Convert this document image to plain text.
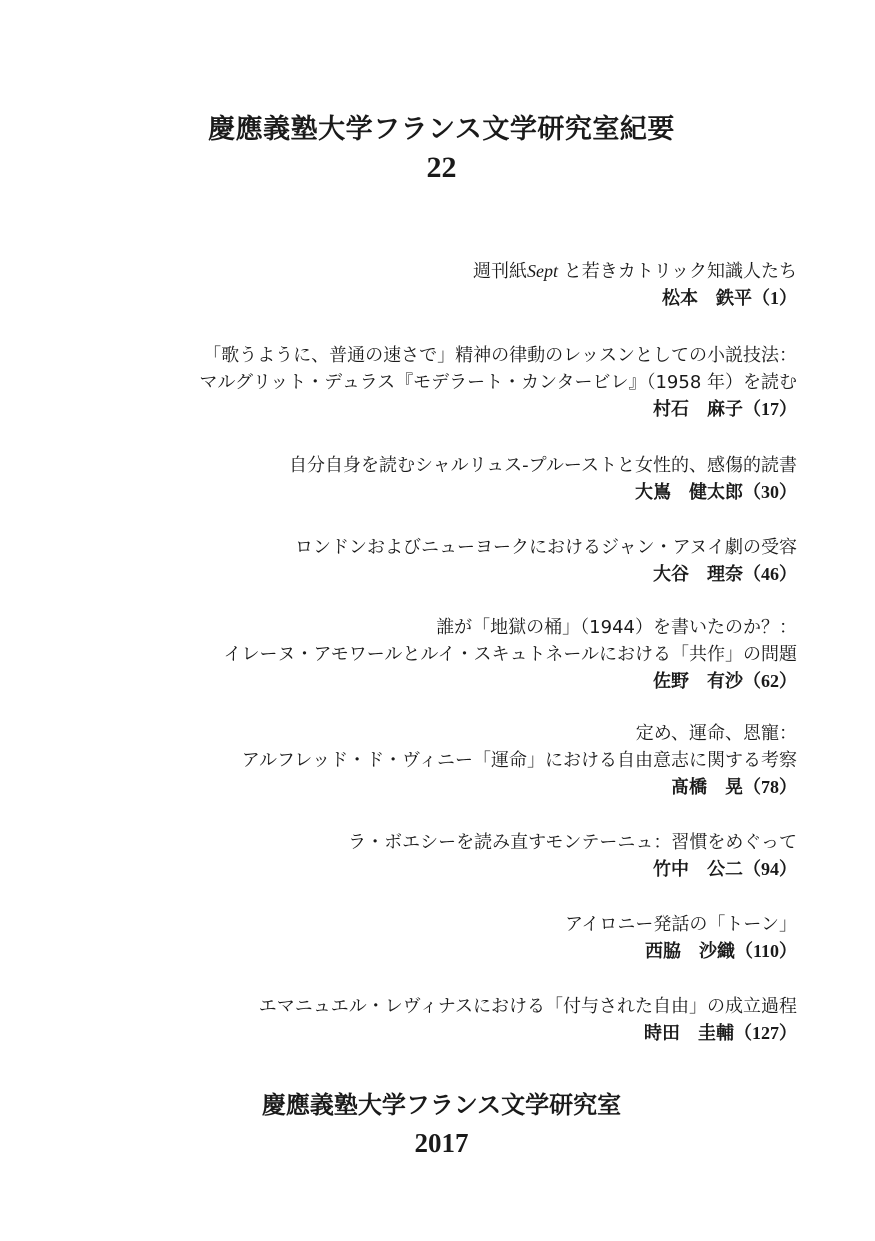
慶應義塾大学フランス文学研究室紀要
22
週刊紙Sept と若きカトリック知識人たち
松本　鉄平（1）
「歌うように、普通の速さで」精神の律動のレッスンとしての小説技法：
マルグリット・デュラス『モデラート・カンタービレ』（1958 年）を読む
村石　麻子（17）
自分自身を読むシャルリュス‐プルーストと女性的、感傷的読書
大嶌　健太郎（30）
ロンドンおよびニューヨークにおけるジャン・アヌイ劇の受容
大谷　理奈（46）
誰が「地獄の桶」（1944）を書いたのか？：
イレーヌ・アモワールとルイ・スキュトネールにおける「共作」の問題
佐野　有沙（62）
定め、運命、恩寵：
アルフレッド・ド・ヴィニー「運命」における自由意志に関する考察
髙橋　晃（78）
ラ・ボエシーを読み直すモンテーニュ：習慣をめぐって
竹中　公二（94）
アイロニー発話の「トーン」
西脇　沙織（110）
エマニュエル・レヴィナスにおける「付与された自由」の成立過程
時田　圭輔（127）
慶應義塾大学フランス文学研究室
2017
